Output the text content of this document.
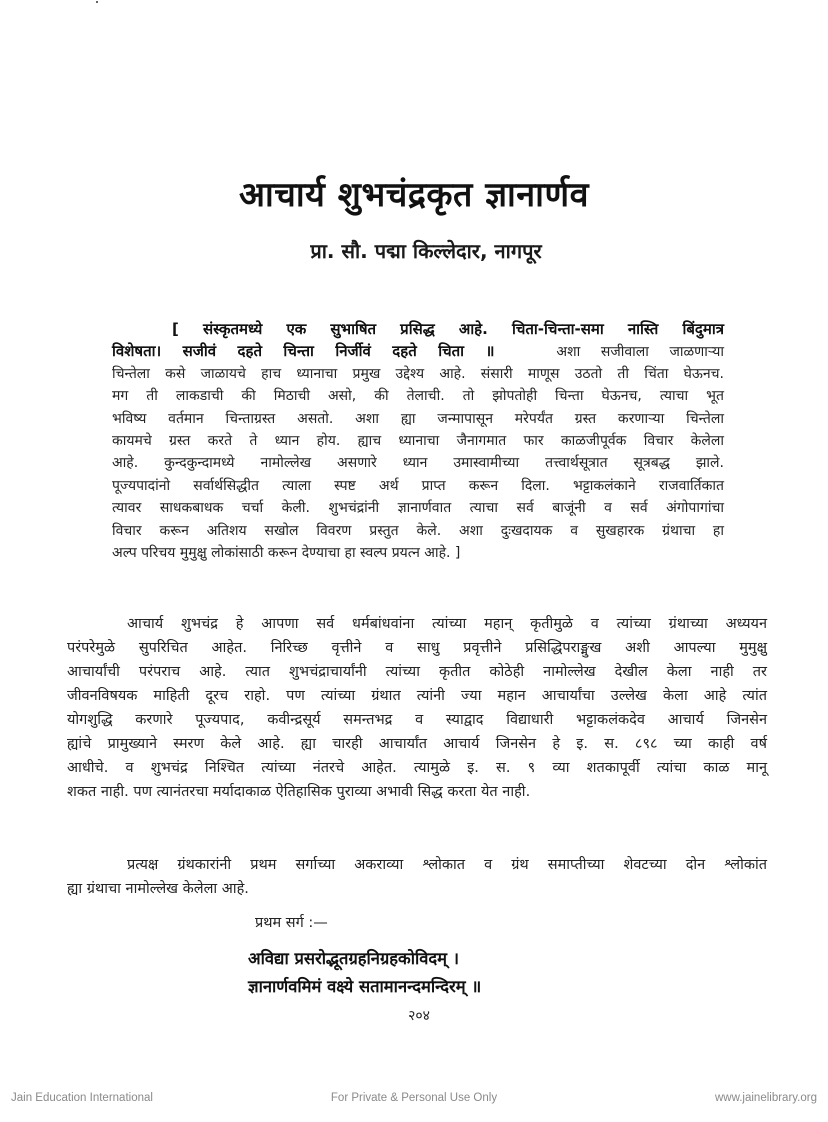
आचार्य शुभचंद्रकृत ज्ञानार्णव
प्रा. सौ. पद्मा किल्लेदार, नागपूर
[ संस्कृतमध्ये एक सुभाषित प्रसिद्ध आहे. चिता-चिन्ता-समा नास्ति बिंदुमात्र
विशेषता। सजीवं दहते चिन्ता निर्जीवं दहते चिता ॥	अशा सजीवाला जाळणाऱ्या
चिन्तेला कसे जाळायचे हाच ध्यानाचा प्रमुख उद्देश्य आहे. संसारी माणूस उठतो ती चिंता घेऊनच.
मग ती लाकडाची की मिठाची असो, की तेलाची. तो झोपतोही चिन्ता घेऊनच, त्याचा भूत
भविष्य वर्तमान चिन्ताग्रस्त असतो. अशा ह्या जन्मापासून मरेपर्यंत ग्रस्त करणाऱ्या चिन्तेला
कायमचे ग्रस्त करते ते ध्यान होय. ह्याच ध्यानाचा जैनागमात फार काळजीपूर्वक विचार केलेला
आहे. कुन्दकुन्दामध्ये नामोल्लेख असणारे ध्यान उमास्वामीच्या तत्त्वार्थसूत्रात सूत्रबद्ध झाले.
पूज्यपादांनो सर्वार्थसिद्धीत त्याला स्पष्ट अर्थ प्राप्त करून दिला. भट्टाकलंकाने राजवार्तिकात
त्यावर साधकबाधक चर्चा केली. शुभचंद्रांनी ज्ञानार्णवात त्याचा सर्व बाजूंनी व सर्व अंगोपागांचा
विचार करून अतिशय सखोल विवरण प्रस्तुत केले. अशा दुःखदायक व सुखहारक ग्रंथाचा हा
अल्प परिचय मुमुक्षु लोकांसाठी करून देण्याचा हा स्वल्प प्रयत्न आहे. ]
आचार्य शुभचंद्र हे आपणा सर्व धर्मबांधवांना त्यांच्या महान् कृतीमुळे व त्यांच्या ग्रंथाच्या अध्ययन
परंपरेमुळे सुपरिचित आहेत. निरिच्छ वृत्तीने व साधु प्रवृत्तीने प्रसिद्धिपराङ्मुख अशी आपल्या मुमुक्षु
आचार्यांची परंपराच आहे. त्यात शुभचंद्राचार्यांनी त्यांच्या कृतीत कोठेही नामोल्लेख देखील केला नाही तर
जीवनविषयक माहिती दूरच राहो. पण त्यांच्या ग्रंथात त्यांनी ज्या महान आचार्यांचा उल्लेख केला आहे त्यांत
योगशुद्धि करणारे पूज्यपाद, कवीन्द्रसूर्य समन्तभद्र व स्याद्वाद विद्याधारी भट्टाकलंकदेव आचार्य जिनसेन
ह्यांचे प्रामुख्याने स्मरण केले आहे. ह्या चारही आचार्यांत आचार्य जिनसेन हे इ. स. ८९८ च्या काही वर्ष
आधीचे. व शुभचंद्र निश्चित त्यांच्या नंतरचे आहेत. त्यामुळे इ. स. ९ व्या शतकापूर्वी त्यांचा काळ मानू
शकत नाही. पण त्यानंतरचा मर्यादाकाळ ऐतिहासिक पुराव्या अभावी सिद्ध करता येत नाही.
प्रत्यक्ष ग्रंथकारांनी प्रथम सर्गाच्या अकराव्या श्लोकात व ग्रंथ समाप्तीच्या शेवटच्या दोन श्लोकांत
ह्या ग्रंथाचा नामोल्लेख केलेला आहे.
प्रथम सर्ग :—
अविद्या प्रसरोद्भूतग्रहनिग्रहकोविदम् ।
ज्ञानार्णवमिमं वक्ष्ये सतामानन्दमन्दिरम् ॥
२०४
Jain Education International	For Private & Personal Use Only	www.jainelibrary.org
